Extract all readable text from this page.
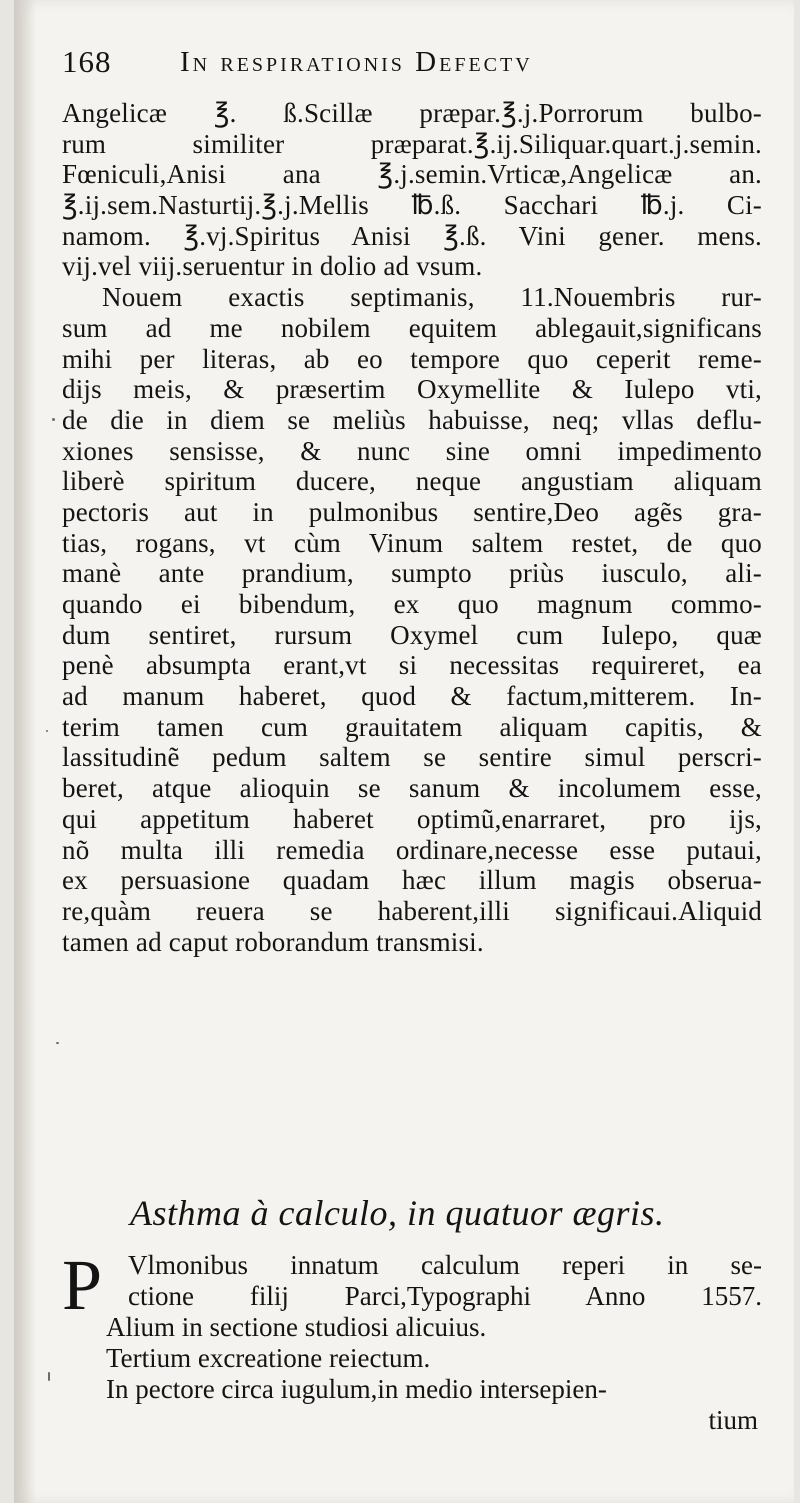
168 In respirationis Defectv
Angelicæ ℥. ß.Scillæ præpar.℥.j.Porrorum bulbo-
rum similiter præparat.℥.ij.Siliquar.quart.j.semin.
Fœniculi,Anisi ana ℥.j.semin.Vrticæ,Angelicæ an.
℥.ij.sem.Nasturtij.℥.j.Mellis ℔.ß. Sacchari ℔.j. Ci-
namom. ℥.vj.Spiritus Anisi ℥.ß. Vini gener. mens.
vij.vel viij.seruentur in dolio ad vsum.
Nouem exactis septimanis, 11.Nouembris rur-
sum ad me nobilem equitem ablegauit,significans
mihi per literas, ab eo tempore quo ceperit reme-
dijs meis, & præsertim Oxymellite & Iulepo vti,
de die in diem se meliùs habuisse, neq; vllas deflu-
xiones sensisse, & nunc sine omni impedimento
liberè spiritum ducere, neque angustiam aliquam
pectoris aut in pulmonibus sentire,Deo agẽs gra-
tias, rogans, vt cùm Vinum saltem restet, de quo
manè ante prandium, sumpto priùs iusculo, ali-
quando ei bibendum, ex quo magnum commo-
dum sentiret, rursum Oxymel cum Iulepo, quæ
penè absumpta erant,vt si necessitas requireret, ea
ad manum haberet, quod & factum,mitterem. In-
terim tamen cum grauitatem aliquam capitis, &
lassitudinẽ pedum saltem se sentire simul perscri-
beret, atque alioquin se sanum & incolumem esse,
qui appetitum haberet optimũ,enarraret, pro ijs,
nõ multa illi remedia ordinare,necesse esse putaui,
ex persuasione quadam hæc illum magis obserua-
re,quàm reuera se haberent,illi significaui.Aliquid
tamen ad caput roborandum transmisi.
Asthma à calculo, in quatuor ægris.
P Vlmonibus innatum calculum reperi in se-
ctione filij Parci,Typographi Anno 1557.
Alium in sectione studiosi alicuius.
Tertium excreatione reiectum.
In pectore circa iugulum,in medio intersepien-
tium
